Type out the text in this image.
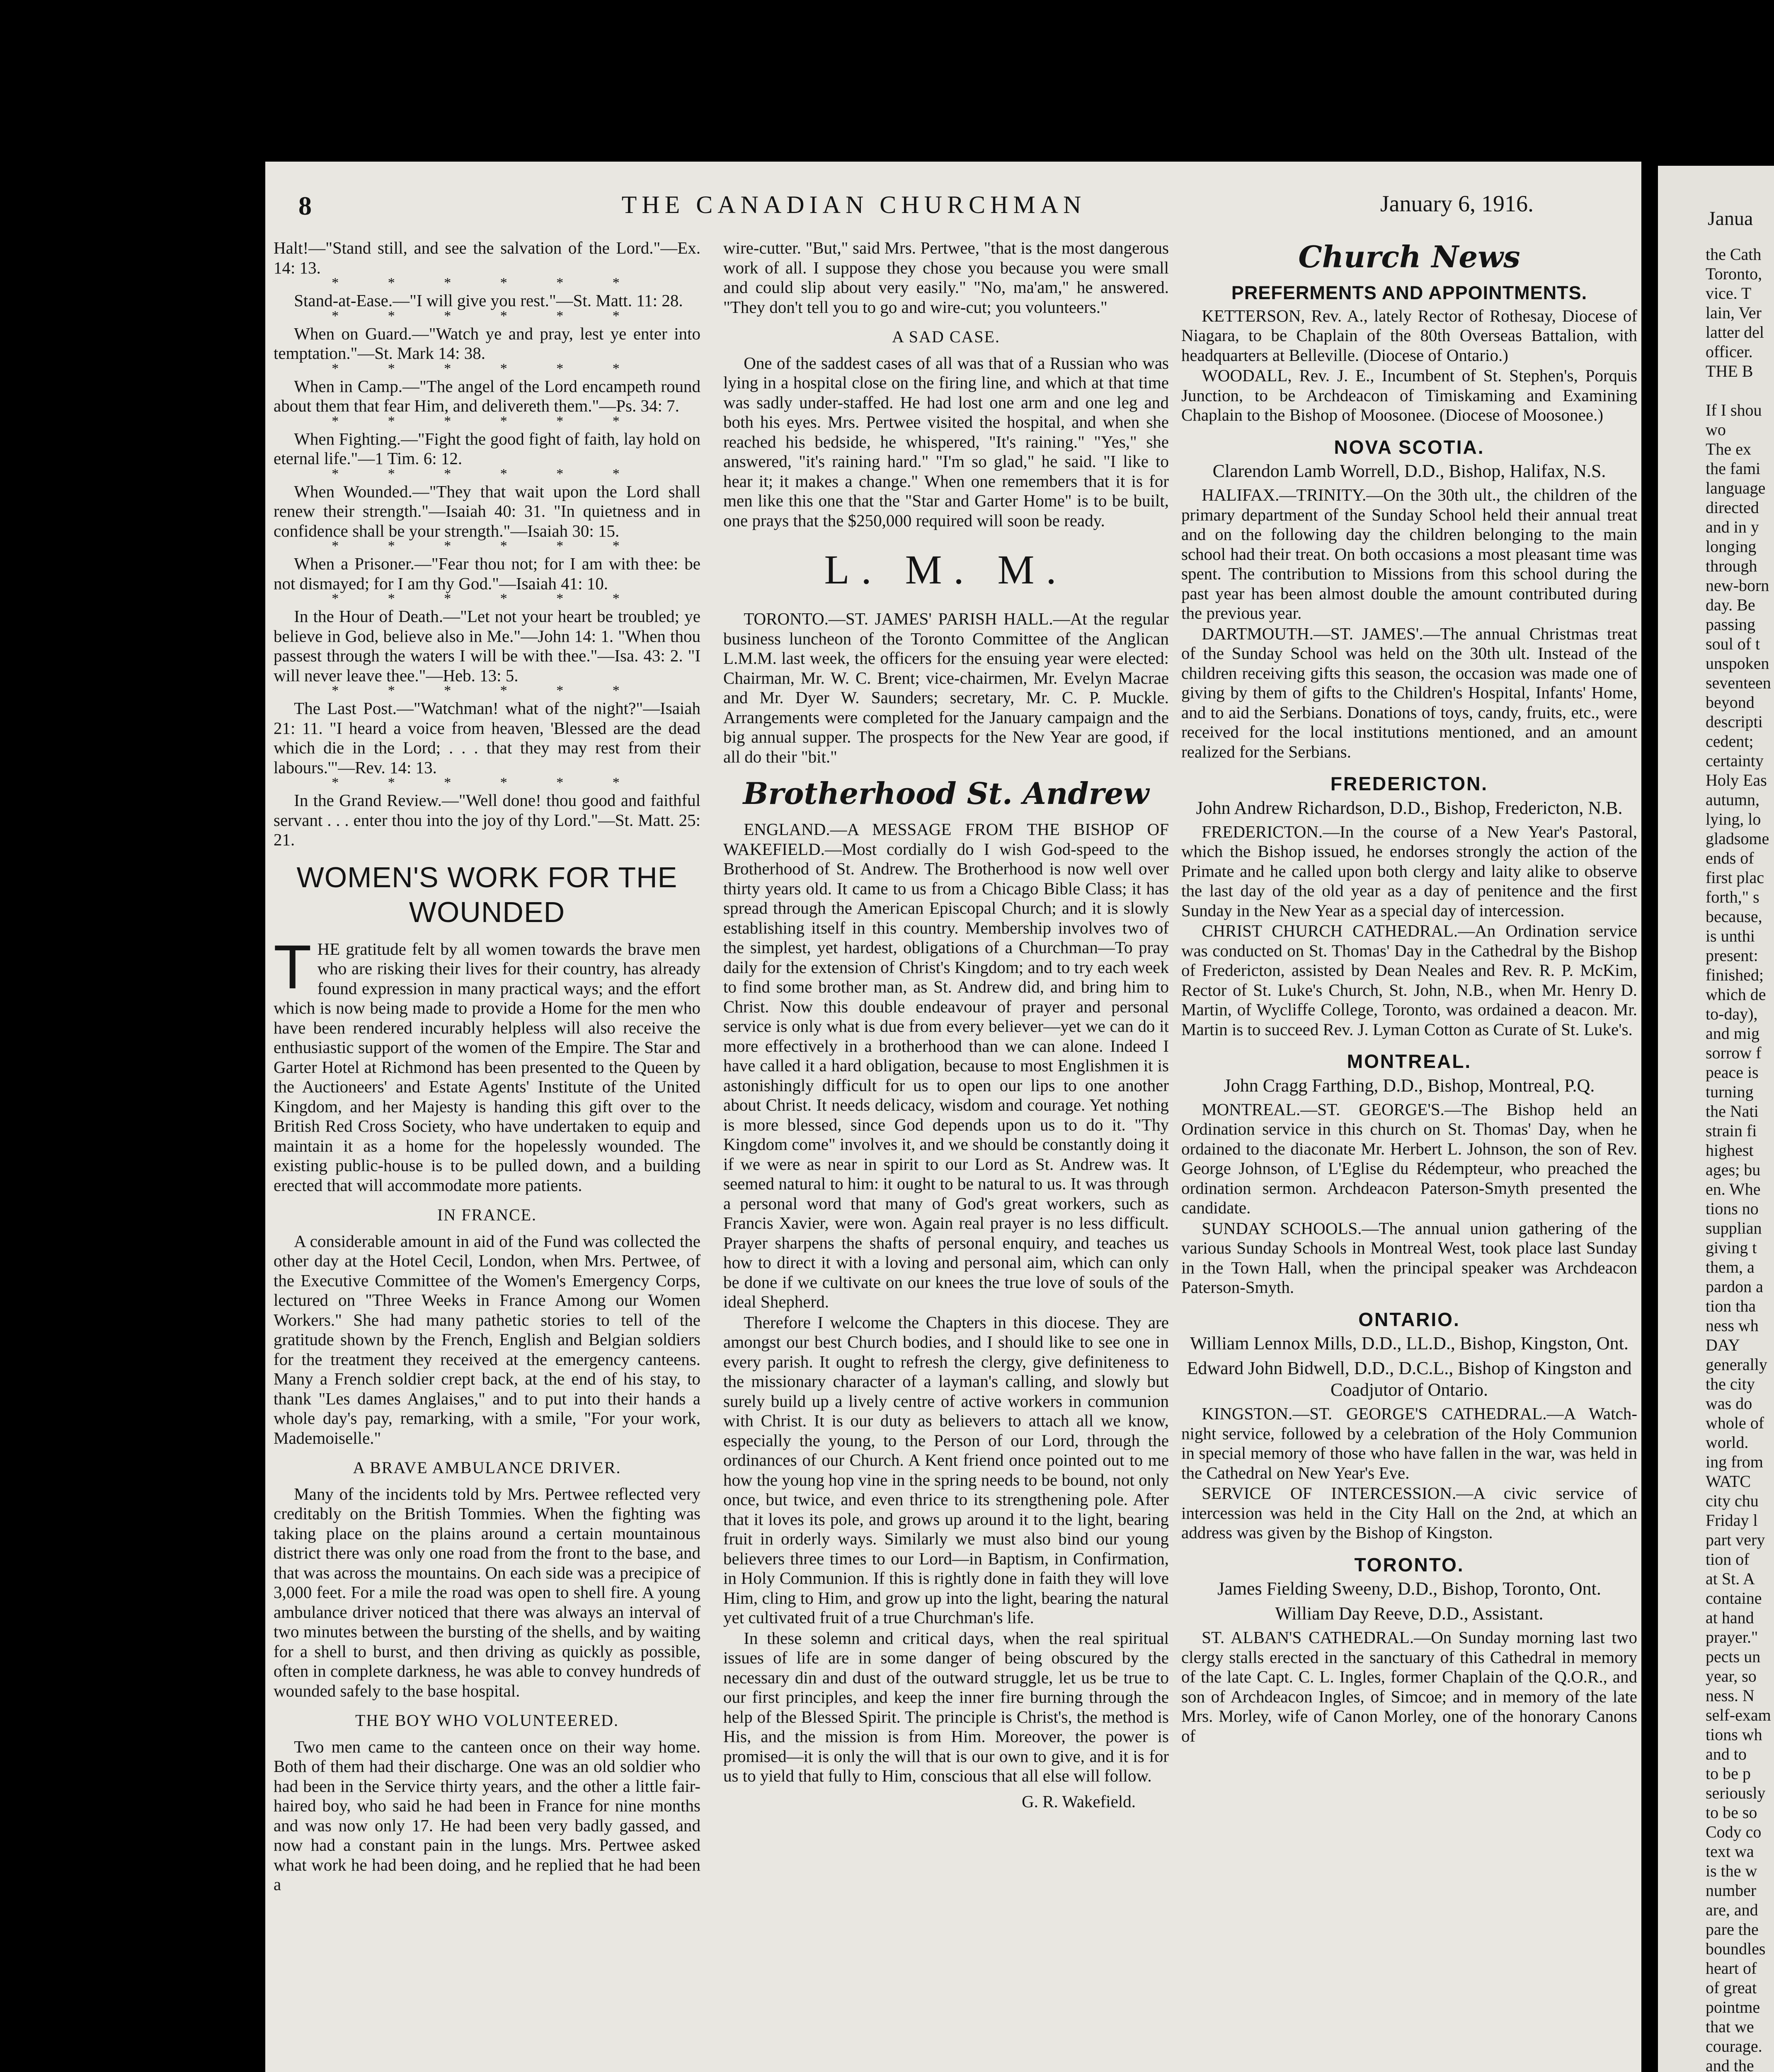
Janua
the Cath
Toronto,
vice. T
lain, Ver
latter del
officer.
THE B
If I shou
wo
The ex
the fami
language
directed
and in y
longing
through
new-born
day. Be
passing
soul of t
unspoken
seventeen
beyond
descripti
cedent;
certainty
Holy Eas
autumn,
lying, lo
gladsome
ends of
first plac
forth," s
because,
is unthi
present:
finished;
which de
to-day),
and mig
sorrow f
peace is
turning
the Nati
strain fi
highest
ages; bu
en. Whe
tions no
supplian
giving t
them, a
pardon a
tion tha
ness wh
DAY
generally
the city
was do
whole of
world.
ing from
WATC
city chu
Friday l
part very
tion of
at St. A
containe
at hand
prayer."
pects un
year, so
ness. N
self-exam
tions wh
and to
to be p
seriously
to be so
Cody co
text wa
is the w
number
are, and
pare the
boundles
heart of
of great
pointme
that we
courage.
and the
8	THE CANADIAN CHURCHMAN	January 6, 1916.

Halt!—"Stand still, and see the salvation of the Lord."—Ex. 14: 13.

* * * * * *

Stand-at-Ease.—"I will give you rest."—St. Matt. 11: 28.

* * * * * *

When on Guard.—"Watch ye and pray, lest ye enter into temptation."—St. Mark 14: 38.

* * * * * *

When in Camp.—"The angel of the Lord encampeth round about them that fear Him, and delivereth them."—Ps. 34: 7.

* * * * * *

When Fighting.—"Fight the good fight of faith, lay hold on eternal life."—1 Tim. 6: 12.

* * * * * *

When Wounded.—"They that wait upon the Lord shall renew their strength."—Isaiah 40: 31. "In quietness and in confidence shall be your strength."—Isaiah 30: 15.

* * * * * *

When a Prisoner.—"Fear thou not; for I am with thee: be not dismayed; for I am thy God."—Isaiah 41: 10.

* * * * * *

In the Hour of Death.—"Let not your heart be troubled; ye believe in God, believe also in Me."—John 14: 1. "When thou passest through the waters I will be with thee."—Isa. 43: 2. "I will never leave thee."—Heb. 13: 5.

* * * * * *

The Last Post.—"Watchman! what of the night?"—Isaiah 21: 11. "I heard a voice from heaven, 'Blessed are the dead which die in the Lord; . . . that they may rest from their labours.'"—Rev. 14: 13.

* * * * * *

In the Grand Review.—"Well done! thou good and faithful servant . . . enter thou into the joy of thy Lord."—St. Matt. 25: 21.

WOMEN'S WORK FOR THE WOUNDED

THE gratitude felt by all women towards the brave men who are risking their lives for their country, has already found expression in many practical ways; and the effort which is now being made to provide a Home for the men who have been rendered incurably helpless will also receive the enthusiastic support of the women of the Empire. The Star and Garter Hotel at Richmond has been presented to the Queen by the Auctioneers' and Estate Agents' Institute of the United Kingdom, and her Majesty is handing this gift over to the British Red Cross Society, who have undertaken to equip and maintain it as a home for the hopelessly wounded. The existing public-house is to be pulled down, and a building erected that will accommodate more patients.

IN FRANCE.

A considerable amount in aid of the Fund was collected the other day at the Hotel Cecil, London, when Mrs. Pertwee, of the Executive Committee of the Women's Emergency Corps, lectured on "Three Weeks in France Among our Women Workers." She had many pathetic stories to tell of the gratitude shown by the French, English and Belgian soldiers for the treatment they received at the emergency canteens. Many a French soldier crept back, at the end of his stay, to thank "Les dames Anglaises," and to put into their hands a whole day's pay, remarking, with a smile, "For your work, Mademoiselle."

A BRAVE AMBULANCE DRIVER.

Many of the incidents told by Mrs. Pertwee reflected very creditably on the British Tommies. When the fighting was taking place on the plains around a certain mountainous district there was only one road from the front to the base, and that was across the mountains. On each side was a precipice of 3,000 feet. For a mile the road was open to shell fire. A young ambulance driver noticed that there was always an interval of two minutes between the bursting of the shells, and by waiting for a shell to burst, and then driving as quickly as possible, often in complete darkness, he was able to convey hundreds of wounded safely to the base hospital.

THE BOY WHO VOLUNTEERED.

Two men came to the canteen once on their way home. Both of them had their discharge. One was an old soldier who had been in the Service thirty years, and the other a little fair-haired boy, who said he had been in France for nine months and was now only 17. He had been very badly gassed, and now had a constant pain in the lungs. Mrs. Pertwee asked what work he had been doing, and he replied that he had been a

wire-cutter. "But," said Mrs. Pertwee, "that is the most dangerous work of all. I suppose they chose you because you were small and could slip about very easily." "No, ma'am," he answered. "They don't tell you to go and wire-cut; you volunteers."

A SAD CASE.

One of the saddest cases of all was that of a Russian who was lying in a hospital close on the firing line, and which at that time was sadly under-staffed. He had lost one arm and one leg and both his eyes. Mrs. Pertwee visited the hospital, and when she reached his bedside, he whispered, "It's raining." "Yes," she answered, "it's raining hard." "I'm so glad," he said. "I like to hear it; it makes a change." When one remembers that it is for men like this one that the "Star and Garter Home" is to be built, one prays that the $250,000 required will soon be ready.

L. M. M.

TORONTO.—ST. JAMES' PARISH HALL.—At the regular business luncheon of the Toronto Committee of the Anglican L.M.M. last week, the officers for the ensuing year were elected: Chairman, Mr. W. C. Brent; vice-chairmen, Mr. Evelyn Macrae and Mr. Dyer W. Saunders; secretary, Mr. C. P. Muckle. Arrangements were completed for the January campaign and the big annual supper. The prospects for the New Year are good, if all do their "bit."

Brotherhood St. Andrew

ENGLAND.—A MESSAGE FROM THE BISHOP OF WAKEFIELD.—Most cordially do I wish God-speed to the Brotherhood of St. Andrew. The Brotherhood is now well over thirty years old. It came to us from a Chicago Bible Class; it has spread through the American Episcopal Church; and it is slowly establishing itself in this country. Membership involves two of the simplest, yet hardest, obligations of a Churchman—To pray daily for the extension of Christ's Kingdom; and to try each week to find some brother man, as St. Andrew did, and bring him to Christ. Now this double endeavour of prayer and personal service is only what is due from every believer—yet we can do it more effectively in a brotherhood than we can alone. Indeed I have called it a hard obligation, because to most Englishmen it is astonishingly difficult for us to open our lips to one another about Christ. It needs delicacy, wisdom and courage. Yet nothing is more blessed, since God depends upon us to do it. "Thy Kingdom come" involves it, and we should be constantly doing it if we were as near in spirit to our Lord as St. Andrew was. It seemed natural to him: it ought to be natural to us. It was through a personal word that many of God's great workers, such as Francis Xavier, were won. Again real prayer is no less difficult. Prayer sharpens the shafts of personal enquiry, and teaches us how to direct it with a loving and personal aim, which can only be done if we cultivate on our knees the true love of souls of the ideal Shepherd.

Therefore I welcome the Chapters in this diocese. They are amongst our best Church bodies, and I should like to see one in every parish. It ought to refresh the clergy, give definiteness to the missionary character of a layman's calling, and slowly but surely build up a lively centre of active workers in communion with Christ. It is our duty as believers to attach all we know, especially the young, to the Person of our Lord, through the ordinances of our Church. A Kent friend once pointed out to me how the young hop vine in the spring needs to be bound, not only once, but twice, and even thrice to its strengthening pole. After that it loves its pole, and grows up around it to the light, bearing fruit in orderly ways. Similarly we must also bind our young believers three times to our Lord—in Baptism, in Confirmation, in Holy Communion. If this is rightly done in faith they will love Him, cling to Him, and grow up into the light, bearing the natural yet cultivated fruit of a true Churchman's life.

In these solemn and critical days, when the real spiritual issues of life are in some danger of being obscured by the necessary din and dust of the outward struggle, let us be true to our first principles, and keep the inner fire burning through the help of the Blessed Spirit. The principle is Christ's, the method is His, and the mission is from Him. Moreover, the power is promised—it is only the will that is our own to give, and it is for us to yield that fully to Him, conscious that all else will follow.

G. R. Wakefield.
Church News
PREFERMENTS AND APPOINTMENTS.

KETTERSON, Rev. A., lately Rector of Rothesay, Diocese of Niagara, to be Chaplain of the 80th Overseas Battalion, with headquarters at Belleville. (Diocese of Ontario.)

WOODALL, Rev. J. E., Incumbent of St. Stephen's, Porquis Junction, to be Archdeacon of Timiskaming and Examining Chaplain to the Bishop of Moosonee. (Diocese of Moosonee.)

NOVA SCOTIA.
Clarendon Lamb Worrell, D.D., Bishop, Halifax, N.S.

HALIFAX.—TRINITY.—On the 30th ult., the children of the primary department of the Sunday School held their annual treat and on the following day the children belonging to the main school had their treat. On both occasions a most pleasant time was spent. The contribution to Missions from this school during the past year has been almost double the amount contributed during the previous year.

DARTMOUTH.—ST. JAMES'.—The annual Christmas treat of the Sunday School was held on the 30th ult. Instead of the children receiving gifts this season, the occasion was made one of giving by them of gifts to the Children's Hospital, Infants' Home, and to aid the Serbians. Donations of toys, candy, fruits, etc., were received for the local institutions mentioned, and an amount realized for the Serbians.

FREDERICTON.
John Andrew Richardson, D.D., Bishop, Fredericton, N.B.

FREDERICTON.—In the course of a New Year's Pastoral, which the Bishop issued, he endorses strongly the action of the Primate and he called upon both clergy and laity alike to observe the last day of the old year as a day of penitence and the first Sunday in the New Year as a special day of intercession.

CHRIST CHURCH CATHEDRAL.—An Ordination service was conducted on St. Thomas' Day in the Cathedral by the Bishop of Fredericton, assisted by Dean Neales and Rev. R. P. McKim, Rector of St. Luke's Church, St. John, N.B., when Mr. Henry D. Martin, of Wycliffe College, Toronto, was ordained a deacon. Mr. Martin is to succeed Rev. J. Lyman Cotton as Curate of St. Luke's.

MONTREAL.
John Cragg Farthing, D.D., Bishop, Montreal, P.Q.

MONTREAL.—ST. GEORGE'S.—The Bishop held an Ordination service in this church on St. Thomas' Day, when he ordained to the diaconate Mr. Herbert L. Johnson, the son of Rev. George Johnson, of L'Eglise du Rédempteur, who preached the ordination sermon. Archdeacon Paterson-Smyth presented the candidate.

SUNDAY SCHOOLS.—The annual union gathering of the various Sunday Schools in Montreal West, took place last Sunday in the Town Hall, when the principal speaker was Archdeacon Paterson-Smyth.

ONTARIO.
William Lennox Mills, D.D., LL.D., Bishop, Kingston, Ont.
Edward John Bidwell, D.D., D.C.L., Bishop of Kingston and Coadjutor of Ontario.

KINGSTON.—ST. GEORGE'S CATHEDRAL.—A Watch-night service, followed by a celebration of the Holy Communion in special memory of those who have fallen in the war, was held in the Cathedral on New Year's Eve.

SERVICE OF INTERCESSION.—A civic service of intercession was held in the City Hall on the 2nd, at which an address was given by the Bishop of Kingston.

TORONTO.
James Fielding Sweeny, D.D., Bishop, Toronto, Ont.
William Day Reeve, D.D., Assistant.

ST. ALBAN'S CATHEDRAL.—On Sunday morning last two clergy stalls erected in the sanctuary of this Cathedral in memory of the late Capt. C. L. Ingles, former Chaplain of the Q.O.R., and son of Archdeacon Ingles, of Simcoe; and in memory of the late Mrs. Morley, wife of Canon Morley, one of the honorary Canons of
